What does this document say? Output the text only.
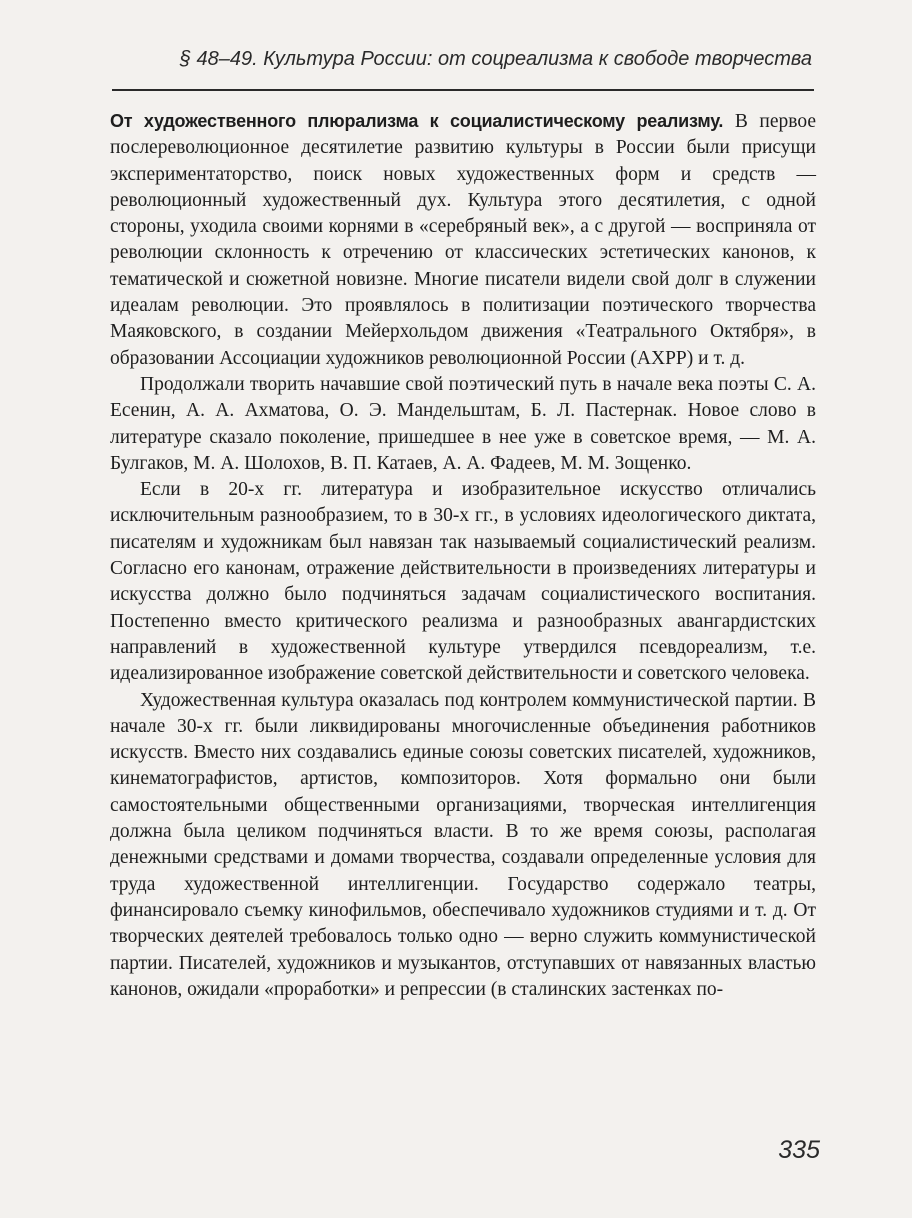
§ 48–49. Культура России: от соцреализма к свободе творчества

От художественного плюрализма к социалистическому реализму. В первое послереволюционное десятилетие развитию культуры в России были присущи экспериментаторство, поиск новых художественных форм и средств — революционный художественный дух. Культура этого десятилетия, с одной стороны, уходила своими корнями в «серебряный век», а с другой — восприняла от революции склонность к отречению от классических эстетических канонов, к тематической и сюжетной новизне. Многие писатели видели свой долг в служении идеалам революции. Это проявлялось в политизации поэтического творчества Маяковского, в создании Мейерхольдом движения «Театрального Октября», в образовании Ассоциации художников революционной России (АХРР) и т. д.

Продолжали творить начавшие свой поэтический путь в начале века поэты С. А. Есенин, А. А. Ахматова, О. Э. Мандельштам, Б. Л. Пастернак. Новое слово в литературе сказало поколение, пришедшее в нее уже в советское время, — М. А. Булгаков, М. А. Шолохов, В. П. Катаев, А. А. Фадеев, М. М. Зощенко.

Если в 20-х гг. литература и изобразительное искусство отличались исключительным разнообразием, то в 30-х гг., в условиях идеологического диктата, писателям и художникам был навязан так называемый социалистический реализм. Согласно его канонам, отражение действительности в произведениях литературы и искусства должно было подчиняться задачам социалистического воспитания. Постепенно вместо критического реализма и разнообразных авангардистских направлений в художественной культуре утвердился псевдореализм, т.е. идеализированное изображение советской действительности и советского человека.

Художественная культура оказалась под контролем коммунистической партии. В начале 30-х гг. были ликвидированы многочисленные объединения работников искусств. Вместо них создавались единые союзы советских писателей, художников, кинематографистов, артистов, композиторов. Хотя формально они были самостоятельными общественными организациями, творческая интеллигенция должна была целиком подчиняться власти. В то же время союзы, располагая денежными средствами и домами творчества, создавали определенные условия для труда художественной интеллигенции. Государство содержало театры, финансировало съемку кинофильмов, обеспечивало художников студиями и т. д. От творческих деятелей требовалось только одно — верно служить коммунистической партии. Писателей, художников и музыкантов, отступавших от навязанных властью канонов, ожидали «проработки» и репрессии (в сталинских застенках по-

335
